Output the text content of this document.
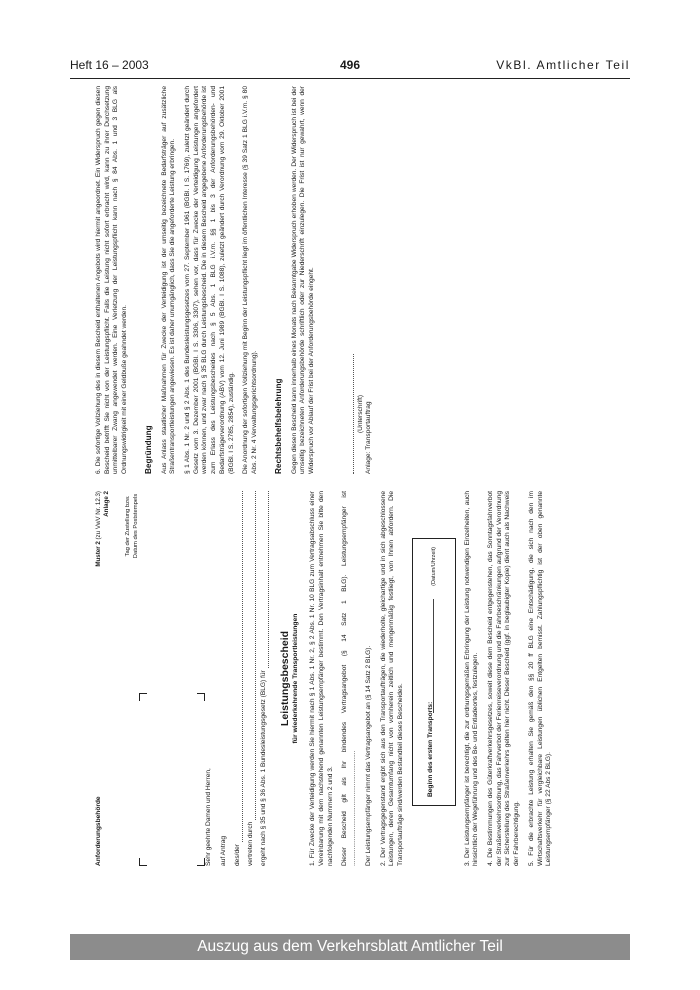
Heft 16 – 2003	496	VkBl. Amtlicher Teil
Anforderungsbehörde
Muster 2 (zu VwV Nr. 12.3)
Anlage 2	Tag der Zustellung bzw. Datum des Poststempels

Sehr geehrte Damen und Herren, auf Antrag des/der vertreten durch ergeht nach § 35 und § 36 Abs. 1 Bundesleistungsgesetz (BLG) für Leistungsbescheid für wiederkehrende Transportleistungen 1. Für Zwecke der Verteidigung werden Sie hiermit nach § 1 Abs. 1 Nr. 2, § 2 Abs. 1 Nr. 10 BLG zum Vertragsabschluss einer Vereinbarung mit dem nachstehend genannten Leistungsempfänger bestimmt. Den Vertragsinhalt entnehmen Sie bitte den nachfolgenden Nummern 2 und 3. Dieser Bescheid gilt als Ihr bindendes Vertragsangebot (§ 14 Satz 1 BLG). Leistungsempfänger ist ............................................................... Der Leistungsempfänger nimmt das Vertragsangebot an (§ 14 Satz 2 BLG). 2. Der Vertragsgegenstand ergibt sich aus den Transportaufträgen, die wiederholte, gleichartige und in sich abgeschlossene Leistungen, deren Gesamtumfang nicht von vornherein zeitlich und mengenmäßig festliegt, von Ihnen abfordern. Die Transportaufträge sind/werden Bestandteil dieses Bescheides.	Beginn des ersten Transports:
(Datum/Uhrzeit)	3. Der Leistungsempfänger ist berechtigt, die zur ordnungsgemäßen Erbringung der Leistung notwendigen Einzelheiten, auch hinsichtlich der Wegeführung und des Be- und Entladeortes, festzulegen. 4. Die Bestimmungen des Güterkraftverkehrsgesetzes, soweit diese dem Bescheid entgegenstehen, das Sonntagsfahrverbot der Straßenverkehrsordnung, das Fahrverbot der Ferienreiseverordnung und die Fahrbeschränkungen aufgrund der Verordnung zur Sicherstellung des Straßenverkehrs gelten hier nicht. Dieser Bescheid (ggf. in beglaubigter Kopie) dient auch als Nachweis der Fahrberechtigung. 5. Für die erbrachte Leistung erhalten Sie gemäß den §§ 20 ff BLG eine Entschädigung, die sich nach den im Wirtschaftsverkehr für vergleichbare Leistungen üblichen Entgelten bemisst. Zahlungspflichtig ist der oben genannte Leistungsempfänger (§ 22 Abs 2 BLG).

6. Die sofortige Vollziehung des in diesem Bescheid enthaltenen Angebots wird hiermit angeordnet. Ein Widerspruch gegen diesen Bescheid betrifft Sie nicht von der Leistungspflicht. Falls die Leistung nicht sofort erbracht wird, kann zu ihrer Durchsetzung unmittelbarer Zwang angewendet werden. Eine Verletzung der Leistungspflicht kann nach § 84 Abs. 1 und 3 BLG als Ordnungswidrigkeit mit einer Geldbuße geahndet werden. Begründung Aus Anlass staatlicher Maßnahmen für Zwecke der Verteidigung ist der umseitig bezeichnete Bedarfsträger auf zusätzliche Straßentransportleistungen angewiesen. Es ist daher unumgänglich, dass Sie die angeforderte Leistung erbringen. § 1 Abs. 1 Nr. 2 und § 2 Abs. 1 des Bundesleistungsgesetzes vom 27. September 1961 (BGBl. I S. 1769), zuletzt geändert durch Gesetz vom 3. Dezember 2001 (BGBl. I S. 3306, 3307), sehen vor, dass für Zwecke der Verteidigung Leistungen angefordert werden können, und zwar nach § 35 BLG durch Leistungsbescheid. Die in diesem Bescheid angegebene Anforderungsbehörde ist zum Erlass des Leistungsbescheides nach § 5 Abs. 1 BLG i.V.m. §§ 1 bis 3 der Anforderungsbehörden- und Bedarfsträgerverordnung (ABV) vom 12. Juni 1989 (BGBl. I S. 1088), zuletzt geändert durch Verordnung vom 29. Oktober 2001 (BGBl. I S. 2785, 2854), zuständig. Die Anordnung der sofortigen Vollziehung mit Beginn der Leistungspflicht liegt im öffentlichen Interesse (§ 39 Satz 1 BLG i.V.m. § 80 Abs. 2 Nr. 4 Verwaltungsgerichtsordnung). Rechtsbehelfsbelehrung Gegen diesen Bescheid kann innerhalb eines Monats nach Bekanntgabe Widerspruch erhoben werden. Der Widerspruch ist bei der umseitig bezeichneten Anforderungsbehörde schriftlich oder zur Niederschrift einzulegen. Die Frist ist nur gewahrt, wenn der Widerspruch vor Ablauf der Frist bei der Anforderungsbehörde eingeht.	(Unterschrift) Anlage: Transportauftrag

Auszug aus dem Verkehrsblatt Amtlicher Teil
